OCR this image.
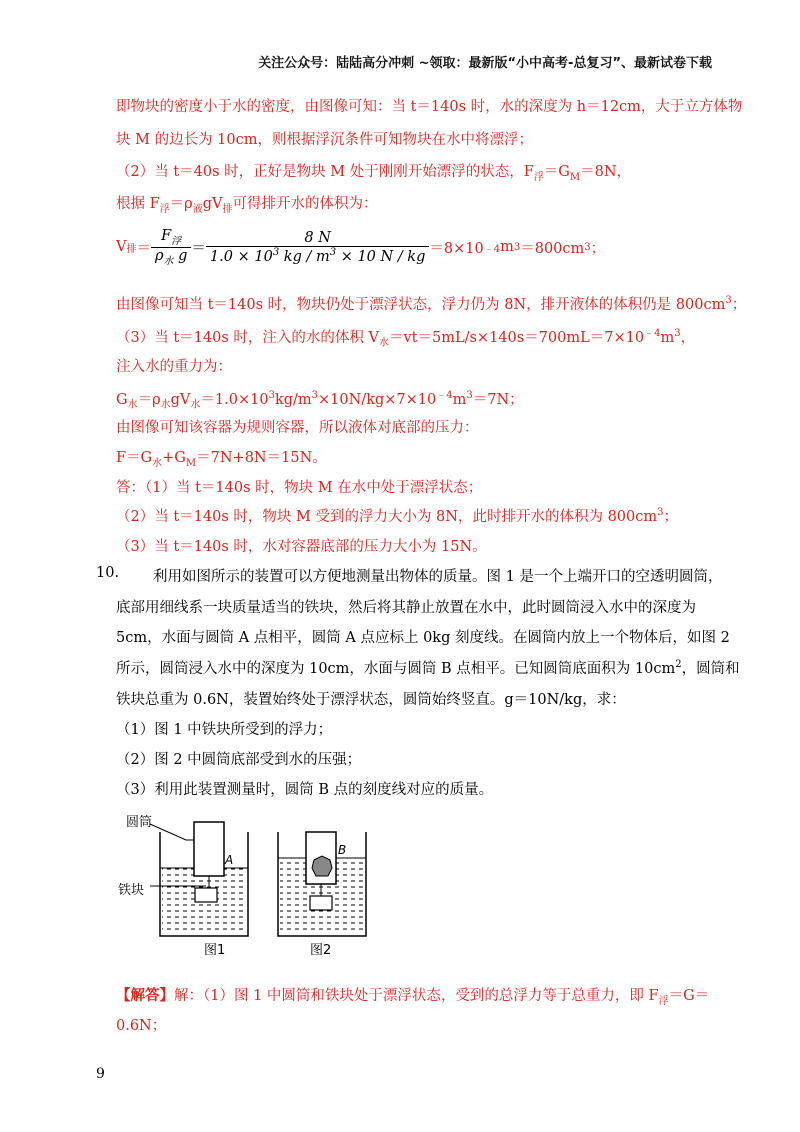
关注公众号：陆陆高分冲刺 ~领取：最新版“小中高考-总复习”、最新试卷下载
即物块的密度小于水的密度，由图像可知：当 t＝140s 时，水的深度为 h＝12cm，大于立方体物
块 M 的边长为 10cm，则根据浮沉条件可知物块在水中将漂浮；
（2）当 t＝40s 时，正好是物块 M 处于刚刚开始漂浮的状态，$F_浮=G_M=8N$，
根据 $F_浮=\rho_液gV_排$可得排开水的体积为：
V 排 ＝ $\frac{F_浮}{\rho_水 g} = \frac{8 N}{1.0 \times 10^3 kg / m^3 \times 10 N / kg} =8\times 10$ ﹣4 m 3 ＝800cm 3 ；
由图像可知当 t＝140s 时，物块仍处于漂浮状态，浮力仍为 8N，排开液体的体积仍是 $800cm^3$；
（3）当 t＝140s 时，注入的水的体积 $V_水=vt=5mL/s\times 140s=700mL=7\times 10^{﹣4}m^3$，
注入水的重力为：
$G_水=\rho_水gV_水=1.0\times 10^3kg/m^3\times 10N/kg\times 7\times 10^{﹣4}m^3=7N$；
由图像可知该容器为规则容器，所以液体对底部的压力：
$F=G_水+G_M=7N+8N=15N$。
答：（1）当 t＝140s 时，物块 M 在水中处于漂浮状态；
（2）当 t＝140s 时，物块 M 受到的浮力大小为 8N，此时排开水的体积为 $800cm^3$；
（3）当 t＝140s 时，水对容器底部的压力大小为 15N。
10. 利用如图所示的装置可以方便地测量出物体的质量。图 1 是一个上端开口的空透明圆筒，
底部用细线系一块质量适当的铁块，然后将其静止放置在水中，此时圆筒浸入水中的深度为
5cm，水面与圆筒 A 点相平，圆筒 A 点应标上 0kg 刻度线。在圆筒内放上一个物体后，如图 2
所示，圆筒浸入水中的深度为 10cm，水面与圆筒 B 点相平。已知圆筒底面积为 $10cm^2$，圆筒和
铁块总重为 0.6N，装置始终处于漂浮状态，圆筒始终竖直。g＝10N/kg，求：
（1）图 1 中铁块所受到的浮力；
（2）图 2 中圆筒底部受到水的压强；
（3）利用此装置测量时，圆筒 B 点的刻度线对应的质量。
圆筒
铁块
A
图1
B
图2
【解答】解：（1）图 1 中圆筒和铁块处于漂浮状态，受到的总浮力等于总重力，即 $F_浮=G=$
0.6N；
9
